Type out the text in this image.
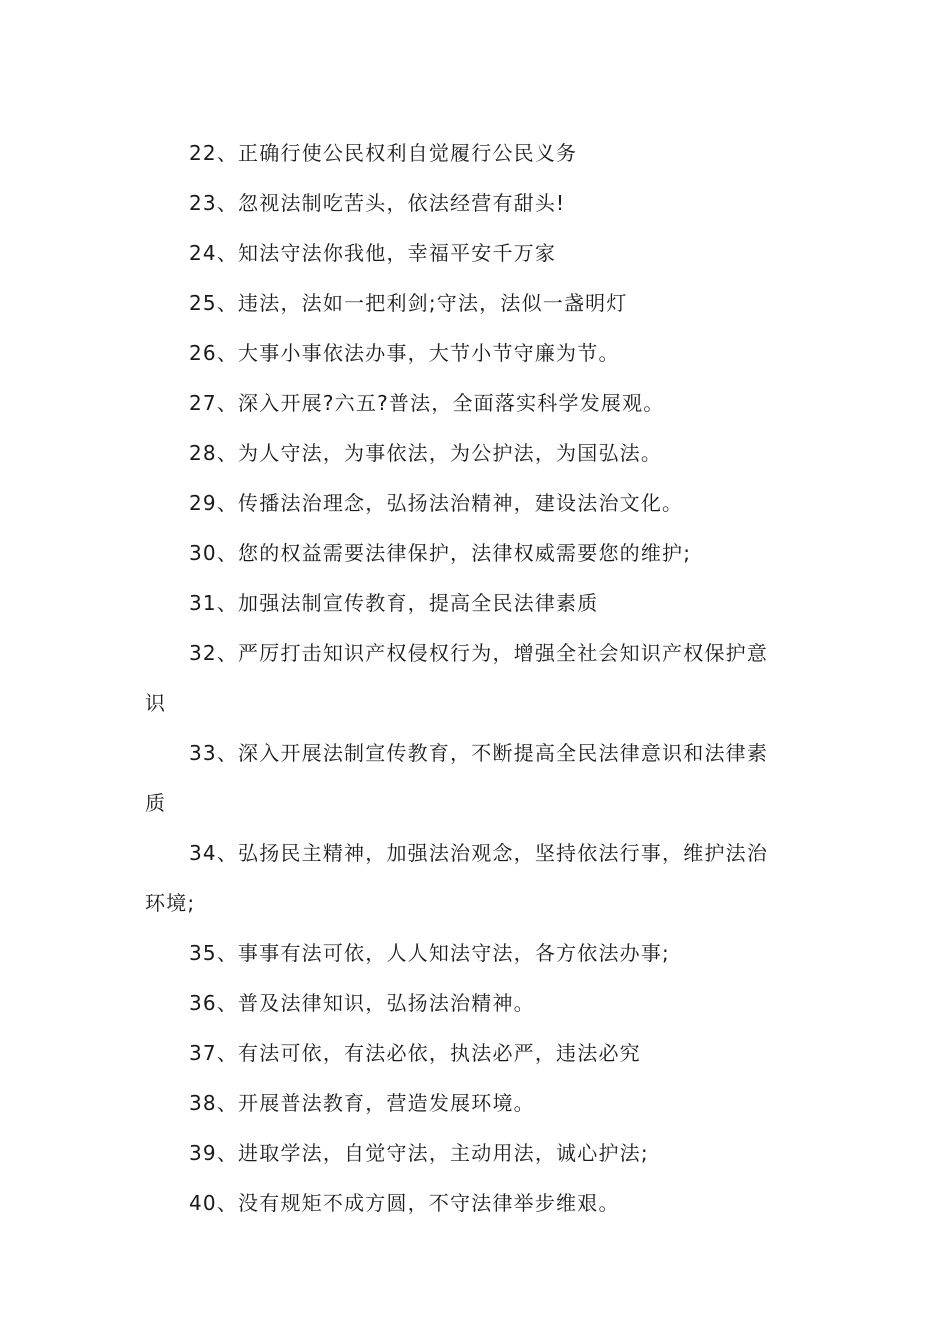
22、正确行使公民权利自觉履行公民义务
23、忽视法制吃苦头，依法经营有甜头!
24、知法守法你我他，幸福平安千万家
25、违法，法如一把利剑;守法，法似一盏明灯
26、大事小事依法办事，大节小节守廉为节。
27、深入开展?六五?普法，全面落实科学发展观。
28、为人守法，为事依法，为公护法，为国弘法。
29、传播法治理念，弘扬法治精神，建设法治文化。
30、您的权益需要法律保护，法律权威需要您的维护;
31、加强法制宣传教育，提高全民法律素质
32、严厉打击知识产权侵权行为，增强全社会知识产权保护意
识
33、深入开展法制宣传教育，不断提高全民法律意识和法律素
质
34、弘扬民主精神，加强法治观念，坚持依法行事，维护法治
环境;
35、事事有法可依，人人知法守法，各方依法办事;
36、普及法律知识，弘扬法治精神。
37、有法可依，有法必依，执法必严，违法必究
38、开展普法教育，营造发展环境。
39、进取学法，自觉守法，主动用法，诚心护法;
40、没有规矩不成方圆，不守法律举步维艰。
